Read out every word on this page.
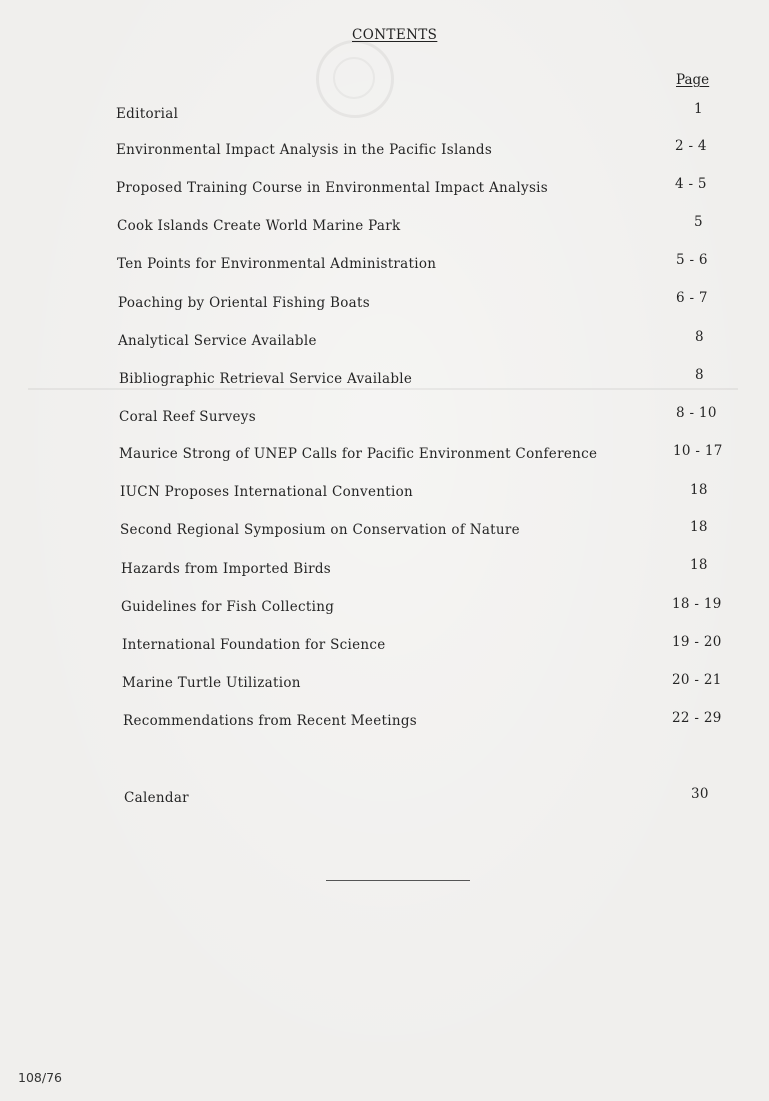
CONTENTS
Page
Editorial	1
Environmental Impact Analysis in the Pacific Islands	2 - 4
Proposed Training Course in Environmental Impact Analysis	4 - 5
Cook Islands Create World Marine Park	5
Ten Points for Environmental Administration	5 - 6
Poaching by Oriental Fishing Boats	6 - 7
Analytical Service Available	8
Bibliographic Retrieval Service Available	8
Coral Reef Surveys	8 - 10
Maurice Strong of UNEP Calls for Pacific Environment Conference	10 - 17
IUCN Proposes International Convention	18
Second Regional Symposium on Conservation of Nature	18
Hazards from Imported Birds	18
Guidelines for Fish Collecting	18 - 19
International Foundation for Science	19 - 20
Marine Turtle Utilization	20 - 21
Recommendations from Recent Meetings	22 - 29
Calendar	30
108/76
